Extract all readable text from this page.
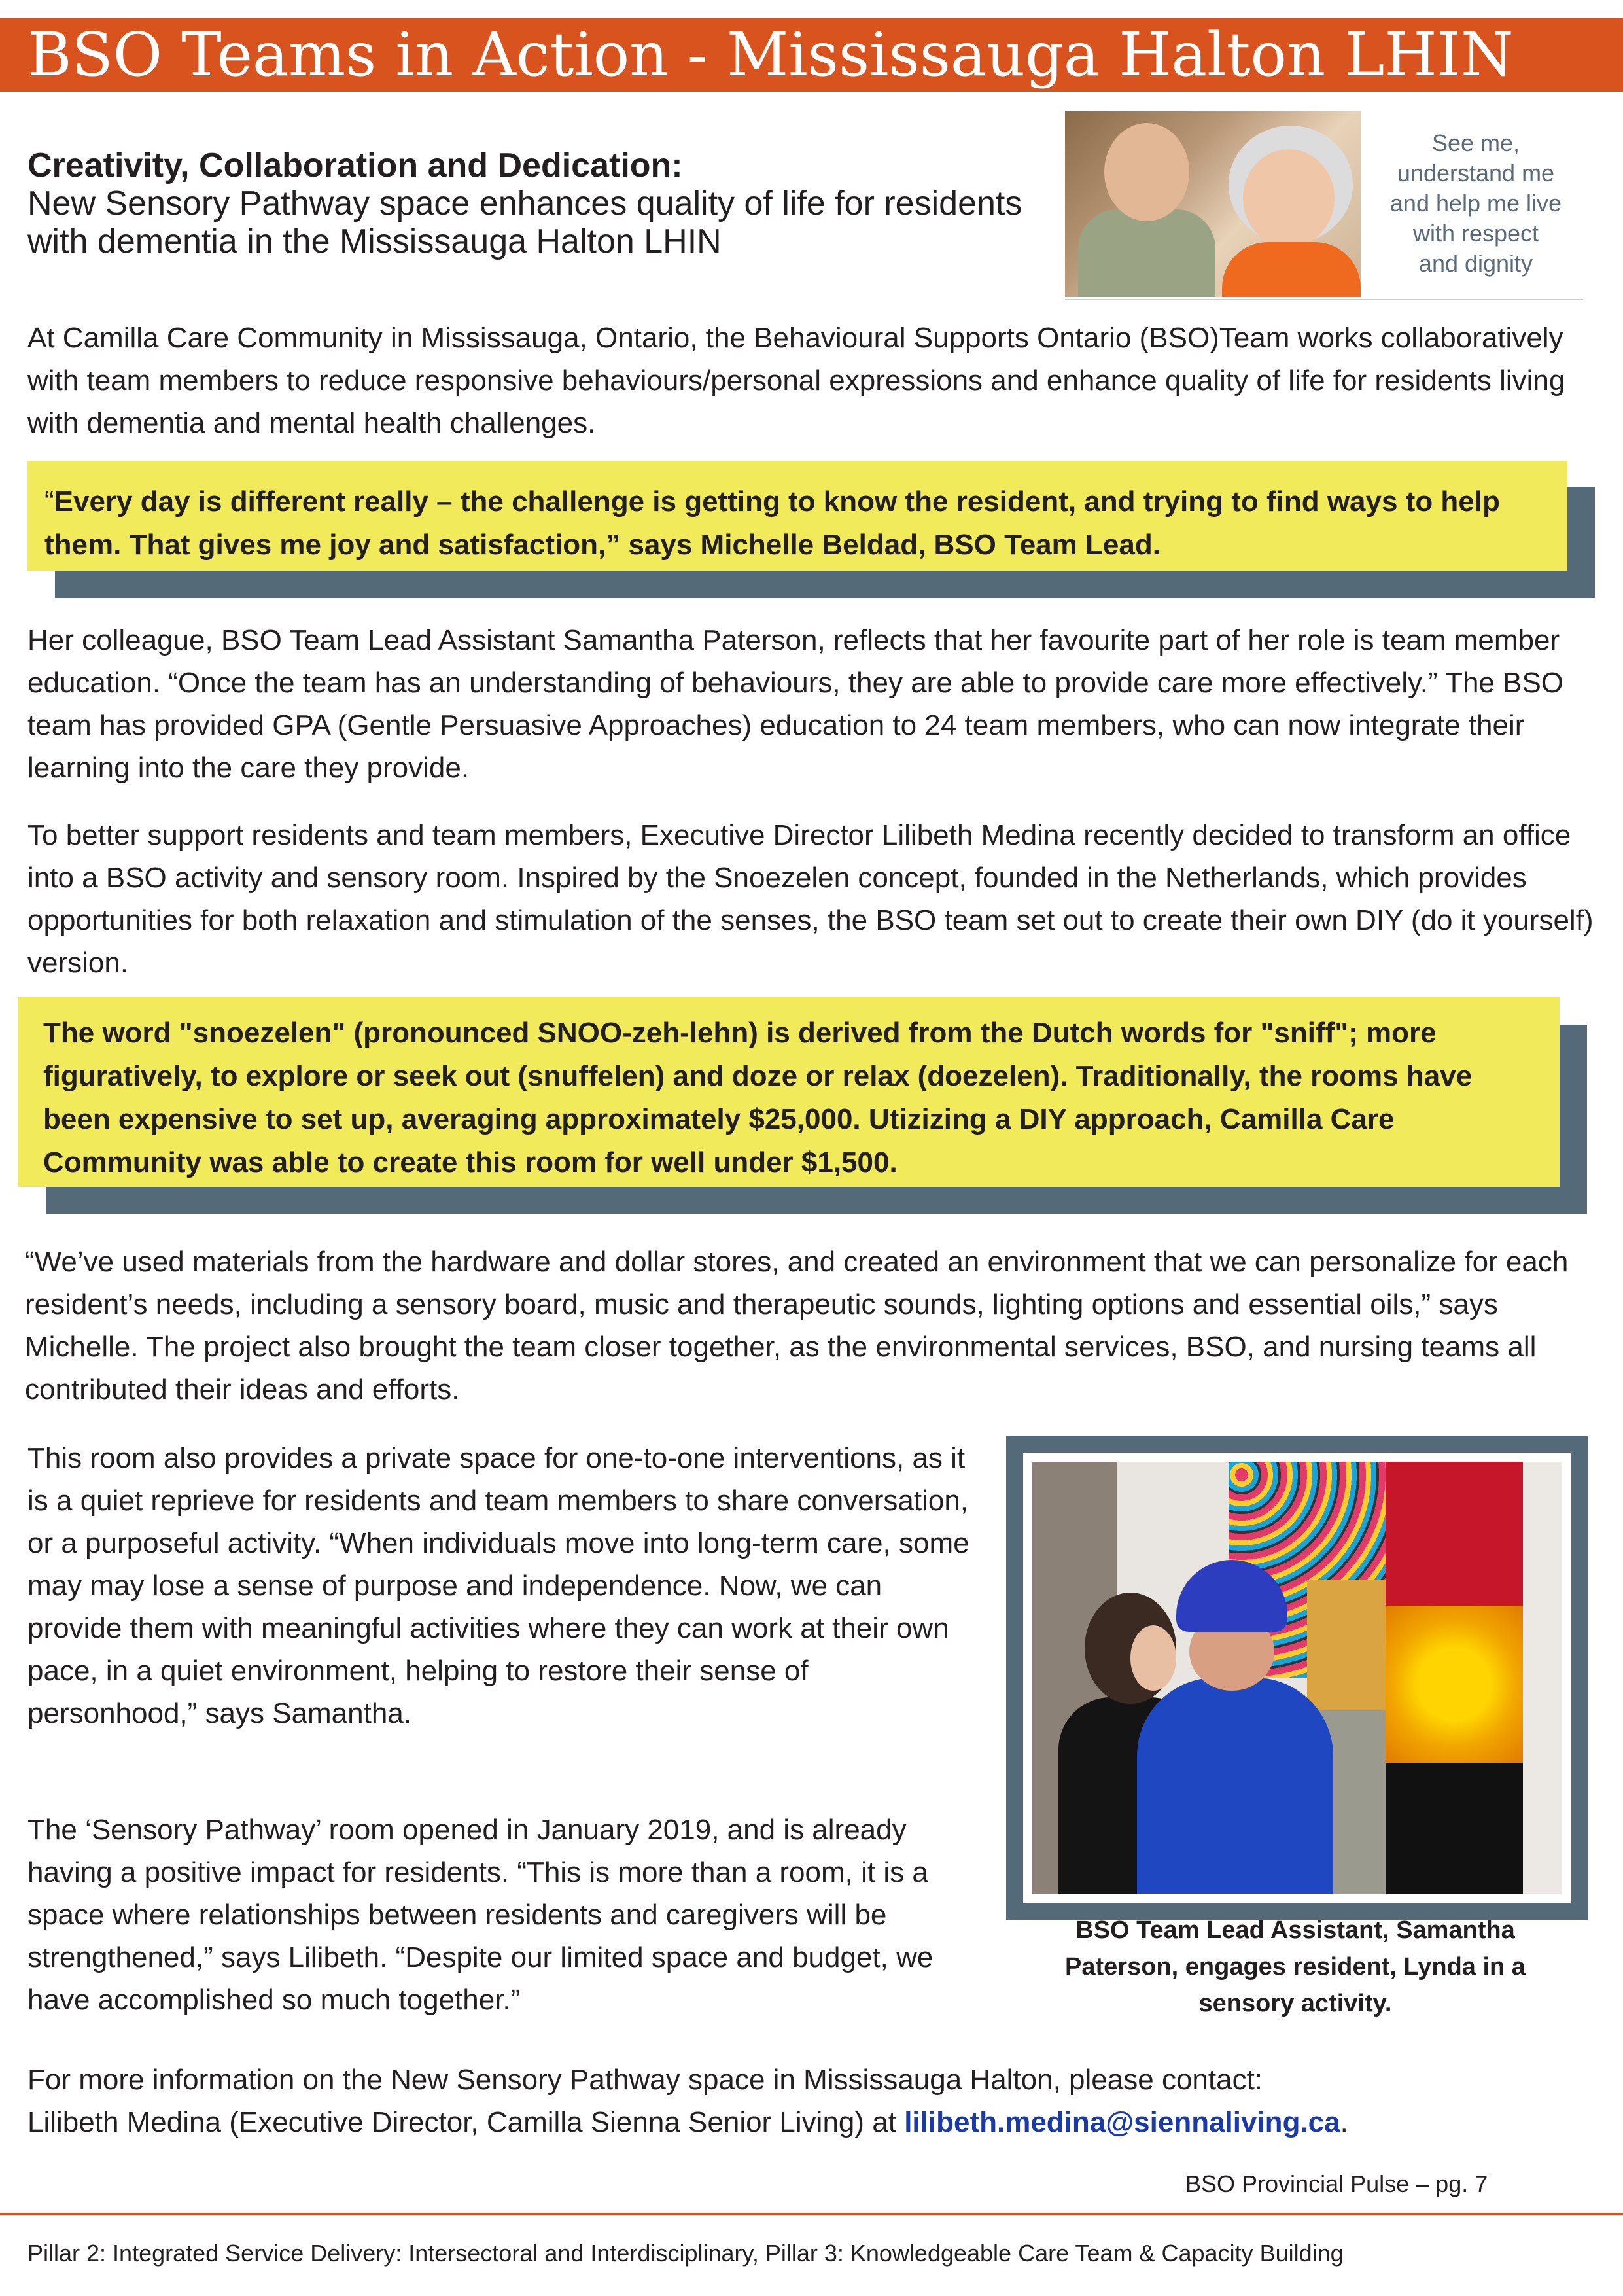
BSO Teams in Action - Mississauga Halton LHIN
Creativity, Collaboration and Dedication:
New Sensory Pathway space enhances quality of life for residents with dementia in the Mississauga Halton LHIN
See me,
understand me
and help me live
with respect
and dignity

At Camilla Care Community in Mississauga, Ontario, the Behavioural Supports Ontario (BSO)Team works collaboratively with team members to reduce responsive behaviours/personal expressions and enhance quality of life for residents living with dementia and mental health challenges.

“Every day is different really – the challenge is getting to know the resident, and trying to find ways to help them. That gives me joy and satisfaction,” says Michelle Beldad, BSO Team Lead.

Her colleague, BSO Team Lead Assistant Samantha Paterson, reflects that her favourite part of her role is team member education. “Once the team has an understanding of behaviours, they are able to provide care more effectively.” The BSO team has provided GPA (Gentle Persuasive Approaches) education to 24 team members, who can now integrate their learning into the care they provide.

To better support residents and team members, Executive Director Lilibeth Medina recently decided to transform an office into a BSO activity and sensory room. Inspired by the Snoezelen concept, founded in the Netherlands, which provides opportunities for both relaxation and stimulation of the senses, the BSO team set out to create their own DIY (do it yourself) version.

The word "snoezelen" (pronounced SNOO-zeh-lehn) is derived from the Dutch words for "sniff"; more figuratively, to explore or seek out (snuffelen) and doze or relax (doezelen). Traditionally, the rooms have been expensive to set up, averaging approximately $25,000. Utizizing a DIY approach, Camilla Care Community was able to create this room for well under $1,500.

“We’ve used materials from the hardware and dollar stores, and created an environment that we can personalize for each resident’s needs, including a sensory board, music and therapeutic sounds, lighting options and essential oils,” says Michelle. The project also brought the team closer together, as the environmental services, BSO, and nursing teams all contributed their ideas and efforts.

This room also provides a private space for one-to-one interventions, as it is a quiet reprieve for residents and team members to share conversation, or a purposeful activity. “When individuals move into long-term care, some may may lose a sense of purpose and independence. Now, we can provide them with meaningful activities where they can work at their own pace, in a quiet environment, helping to restore their sense of personhood,” says Samantha.

The ‘Sensory Pathway’ room opened in January 2019, and is already having a positive impact for residents. “This is more than a room, it is a space where relationships between residents and caregivers will be strengthened,” says Lilibeth. “Despite our limited space and budget, we have accomplished so much together.”

BSO Team Lead Assistant, Samantha Paterson, engages resident, Lynda in a sensory activity.

For more information on the New Sensory Pathway space in Mississauga Halton, please contact:
Lilibeth Medina (Executive Director, Camilla Sienna Senior Living) at lilibeth.medina@siennaliving.ca.

BSO Provincial Pulse – pg. 7
Pillar 2: Integrated Service Delivery: Intersectoral and Interdisciplinary, Pillar 3: Knowledgeable Care Team & Capacity Building
